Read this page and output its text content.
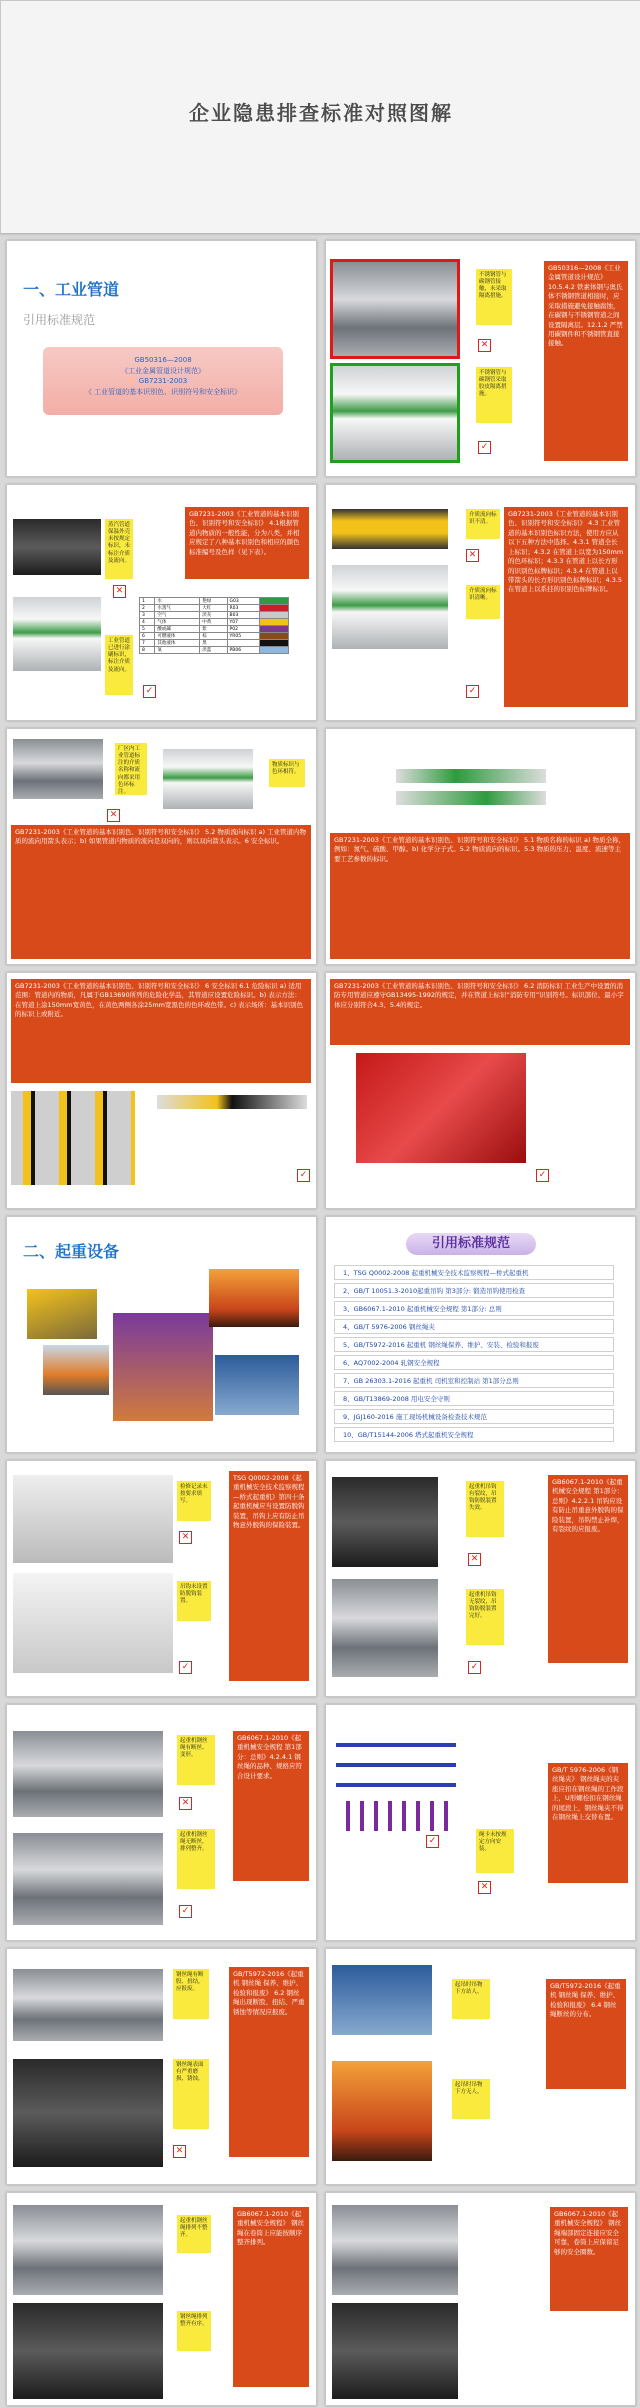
企业隐患排查标准对照图解
一、工业管道
引用标准规范
GB50316—2008
《工业金属管道设计规范》
GB7231-2003
《 工业管道的基本识别色、识别符号和安全标识》
不锈钢管与碳钢管接触，未采取隔离措施。
✕
不锈钢管与碳钢管采取胶皮隔离措施。
✓
GB50316—2008《工业金属管道设计规范》 10.5.4.2 铁素体钢与奥氏体不锈钢管道相接时，应采取措施避免接触腐蚀，在碳钢与不锈钢管道之间设置隔离层。12.1.2 严禁用碳钢件和不锈钢管直接接触。
蒸汽管道保温外壳未按规定标识，未标注介质及流向。
✕
工业管道已进行涂刷标识，标注介质及流向。
✓
GB7231-2003《工业管道的基本识别色、识别符号和安全标识》 4.1根据管道内物质的一般性能，分为八类，并相应规定了八种基本识别色和相应的颜色标准编号及色样（见下表）。
1	水	艳绿	G03	
2	水蒸气	大红	R03	
3	空气	淡灰	B03	
4	气体	中黄	Y07	
5	酸或碱	紫	P02	
6	可燃液体	棕	YR05	
7	其他液体	黑		
8	氧	淡蓝	PB06	
介质流向标识不清。
✕
介质流向标识清晰。
✓
GB7231-2003《工业管道的基本识别色、识别符号和安全标识》 4.3 工业管道的基本识别色标识方法，使用方应从以下五种方法中选择。4.3.1 管道全长上标识；4.3.2 在管道上以宽为150mm的色环标识；4.3.3 在管道上以长方形的识别色标牌标识；4.3.4 在管道上以带箭头的长方形识别色标牌标识；4.3.5 在管道上以系挂的识别色标牌标识。
厂区内工业管道标注的介质名称和流向都采用色环标注。
物质标识与色环相符。
✕
GB7231-2003《工业管道的基本识别色、识别符号和安全标识》 5.2 物质流向标识 a) 工业管道内物质的流向用箭头表示；b) 如果管道内物质的流向是双向的，则以双向箭头表示。6 安全标识。	GB7231-2003《工业管道的基本识别色、识别符号和安全标识》 5.1 物质名称的标识 a) 物质全称，例如：氮气、硫酸、甲醇。b) 化学分子式。5.2 物质流向的标识。5.3 物质的压力、温度、流速等主要工艺参数的标识。
GB7231-2003《工业管道的基本识别色、识别符号和安全标识》 6 安全标识 6.1 危险标识 a) 适用范围：管道内的物质，凡属于GB13690所列的危险化学品，其管道应设置危险标识。b) 表示方法：在管道上涂150mm宽黄色，在黄色两侧各涂25mm宽黑色的色环或色带。c) 表示场所：基本识别色的标识上或附近。
✓
GB7231-2003《工业管道的基本识别色、识别符号和安全标识》 6.2 消防标识 工业生产中设置的消防专用管道应遵守GB13495-1992的规定，并在管道上标识“消防专用”识别符号。标识部位、最小字体应分别符合4.3、5.4的规定。
✓
二、起重设备	引用标准规范
1、TSG Q0002-2008 起重机械安全技术监察规程—桥式起重机
2、GB/T 10051.3-2010起重吊钩 第3部分: 锻造吊钩使用检查
3、GB6067.1-2010 起重机械安全规程 第1部分: 总则
4、GB/T 5976-2006 钢丝绳夹
5、GB/T5972-2016 起重机 钢丝绳保养、维护、安装、检验和报废
6、AQ7002-2004 轧钢安全规程
7、GB 26303.1-2016 起重机 司机室和控制站 第1部分总则
8、GB/T13869-2008 用电安全守则
9、JGJ160-2016 施工现场机械设备检查技术规范
10、GB/T15144-2006 塔式起重机安全规程
检修记录未按要求填写。
✕
吊钩未设置防脱钩装置。
✓
TSG Q0002-2008《起重机械安全技术监察规程—桥式起重机》第四十条 起重机械应当设置防脱钩装置，吊钩上应有防止吊物意外脱钩的保险装置。
起重机吊钩有裂纹，吊钩防脱装置失效。
✕
起重机吊钩无裂纹，吊钩防脱装置完好。
✓
GB6067.1-2010《起重机械安全规程 第1部分：总则》4.2.2.1 吊钩应设有防止吊重意外脱钩的保险装置，吊钩禁止补焊，有裂纹的应报废。
起重机钢丝绳有断丝、变形。
✕
起重机钢丝绳无断丝，排列整齐。
✓
GB6067.1-2010《起重机械安全规程 第1部分：总则》4.2.4.1 钢丝绳的品种、规格应符合设计要求。
绳卡未按规定方向安装。
✕
✓
GB/T 5976-2006《钢丝绳夹》 钢丝绳夹的夹座应扣在钢丝绳的工作段上，U形螺栓扣在钢丝绳的尾段上，钢丝绳夹不得在钢丝绳上交替布置。
钢丝绳有断股、扭结，应报废。
钢丝绳表面有严重磨损、锈蚀。
✕
GB/T5972-2016《起重机 钢丝绳 保养、维护、检验和报废》 6.2 钢丝绳出现断股、扭结、严重锈蚀等情况应报废。
起吊时吊物下方站人。
起吊时吊物下方无人。
GB/T5972-2016《起重机 钢丝绳 保养、维护、检验和报废》 6.4 钢丝绳断丝的分布。
起重机钢丝绳排列不整齐。
钢丝绳排列整齐有序。
GB6067.1-2010《起重机械安全规程》 钢丝绳在卷筒上应能按顺序整齐排列。
GB6067.1-2010《起重机械安全规程》 钢丝绳端部固定连接应安全可靠，卷筒上应保留足够的安全圈数。
